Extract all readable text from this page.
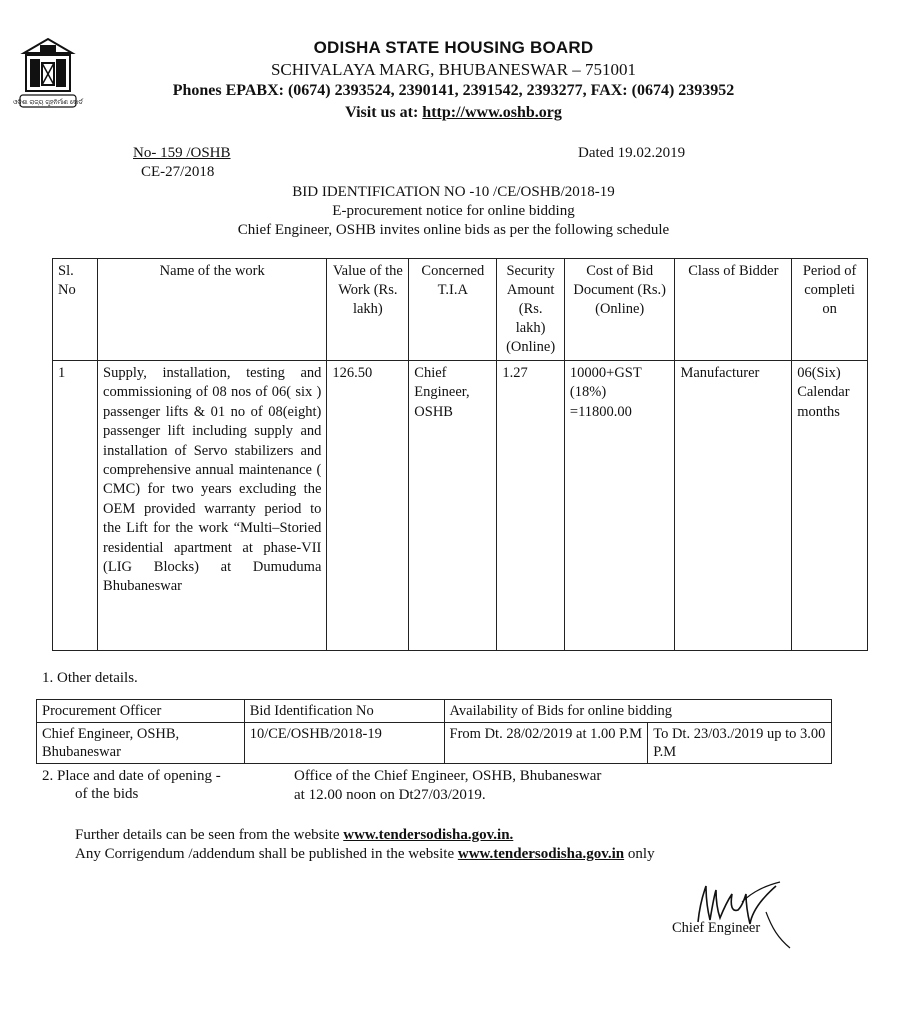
ଓଡ଼ିଶା ରାଜ୍ୟ ଗୃହନିର୍ମାଣ ବୋର୍ଡ
ODISHA STATE HOUSING BOARD
SCHIVALAYA MARG, BHUBANESWAR – 751001
Phones EPABX: (0674) 2393524, 2390141, 2391542, 2393277, FAX: (0674) 2393952
Visit us at: http://www.oshb.org
No- 159 /OSHB
CE-27/2018
Dated 19.02.2019
BID IDENTIFICATION NO -10 /CE/OSHB/2018-19
E-procurement notice for online bidding
Chief Engineer, OSHB invites online bids as per the following schedule
Sl. No	Name of the work	Value of the Work (Rs. lakh)	Concerned T.I.A	Security Amount (Rs. lakh) (Online)	Cost of Bid Document (Rs.) (Online)	Class of Bidder	Period of completi on
1	Supply, installation, testing and commissioning of 08 nos of 06( six ) passenger lifts & 01 no of 08(eight) passenger lift including supply and installation of Servo stabilizers and comprehensive annual maintenance ( CMC) for two years excluding the OEM provided warranty period to the Lift for the work “Multi–Storied residential apartment at phase-VII (LIG Blocks) at Dumuduma Bhubaneswar	126.50	Chief Engineer, OSHB	1.27	10000+GST (18%) =11800.00	Manufacturer	06(Six) Calendar months
1. Other details.
Procurement Officer	Bid Identification No	Availability of Bids for online bidding	
Chief Engineer, OSHB, Bhubaneswar	10/CE/OSHB/2018-19	From Dt. 28/02/2019 at 1.00 P.M	To Dt. 23/03./2019 up to 3.00 P.M
2. Place and date of opening -
of the bids
Office of the Chief Engineer, OSHB, Bhubaneswar
at 12.00 noon on Dt27/03/2019.
Further details can be seen from the website www.tendersodisha.gov.in.
Any Corrigendum /addendum shall be published in the website www.tendersodisha.gov.in only
Chief Engineer
